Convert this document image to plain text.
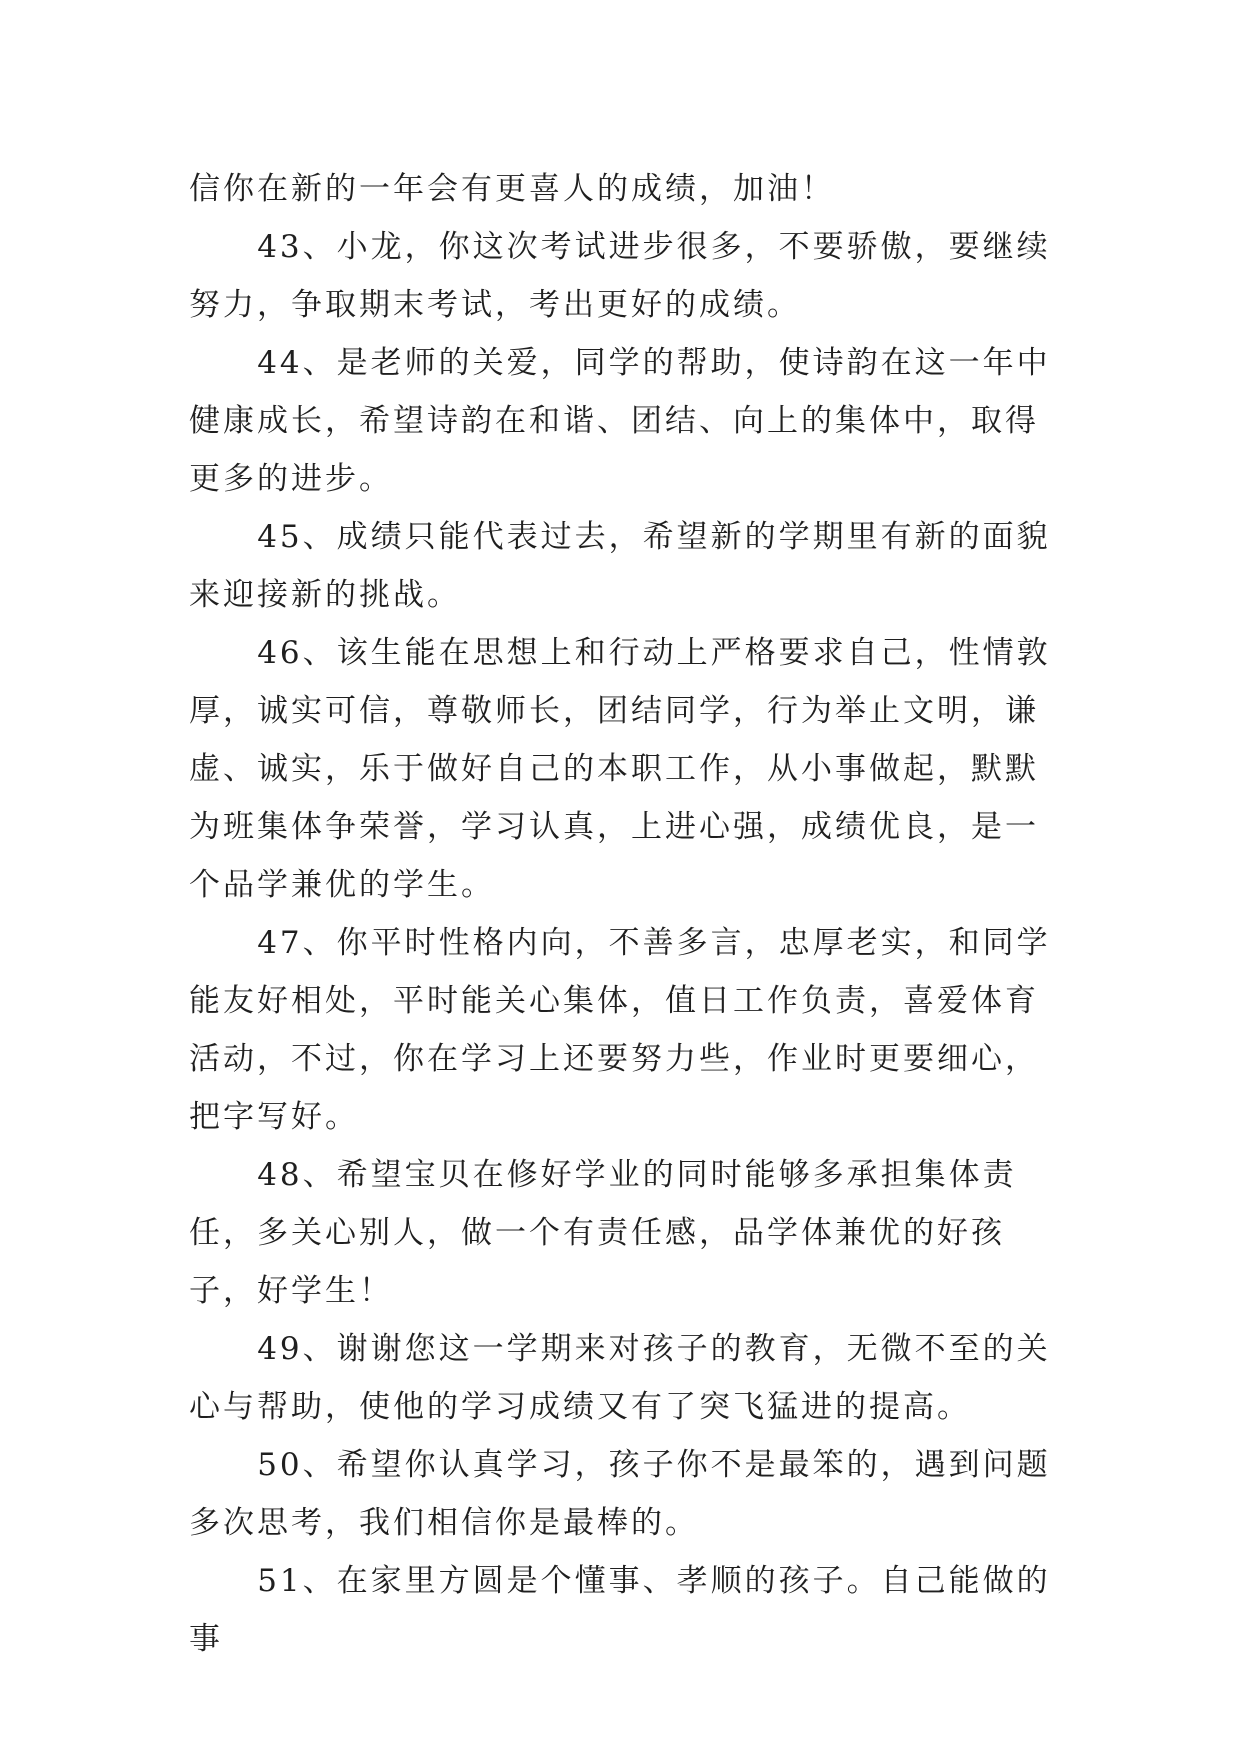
信你在新的一年会有更喜人的成绩，加油！

43、小龙，你这次考试进步很多，不要骄傲，要继续努力，争取期末考试，考出更好的成绩。

44、是老师的关爱，同学的帮助，使诗韵在这一年中健康成长，希望诗韵在和谐、团结、向上的集体中，取得更多的进步。

45、成绩只能代表过去，希望新的学期里有新的面貌来迎接新的挑战。

46、该生能在思想上和行动上严格要求自己，性情敦厚，诚实可信，尊敬师长，团结同学，行为举止文明，谦虚、诚实，乐于做好自己的本职工作，从小事做起，默默为班集体争荣誉，学习认真，上进心强，成绩优良，是一个品学兼优的学生。

47、你平时性格内向，不善多言，忠厚老实，和同学能友好相处，平时能关心集体，值日工作负责，喜爱体育活动，不过，你在学习上还要努力些，作业时更要细心，把字写好。

48、希望宝贝在修好学业的同时能够多承担集体责任，多关心别人，做一个有责任感，品学体兼优的好孩子，好学生！

49、谢谢您这一学期来对孩子的教育，无微不至的关心与帮助，使他的学习成绩又有了突飞猛进的提高。

50、希望你认真学习，孩子你不是最笨的，遇到问题多次思考，我们相信你是最棒的。

51、在家里方圆是个懂事、孝顺的孩子。自己能做的事
